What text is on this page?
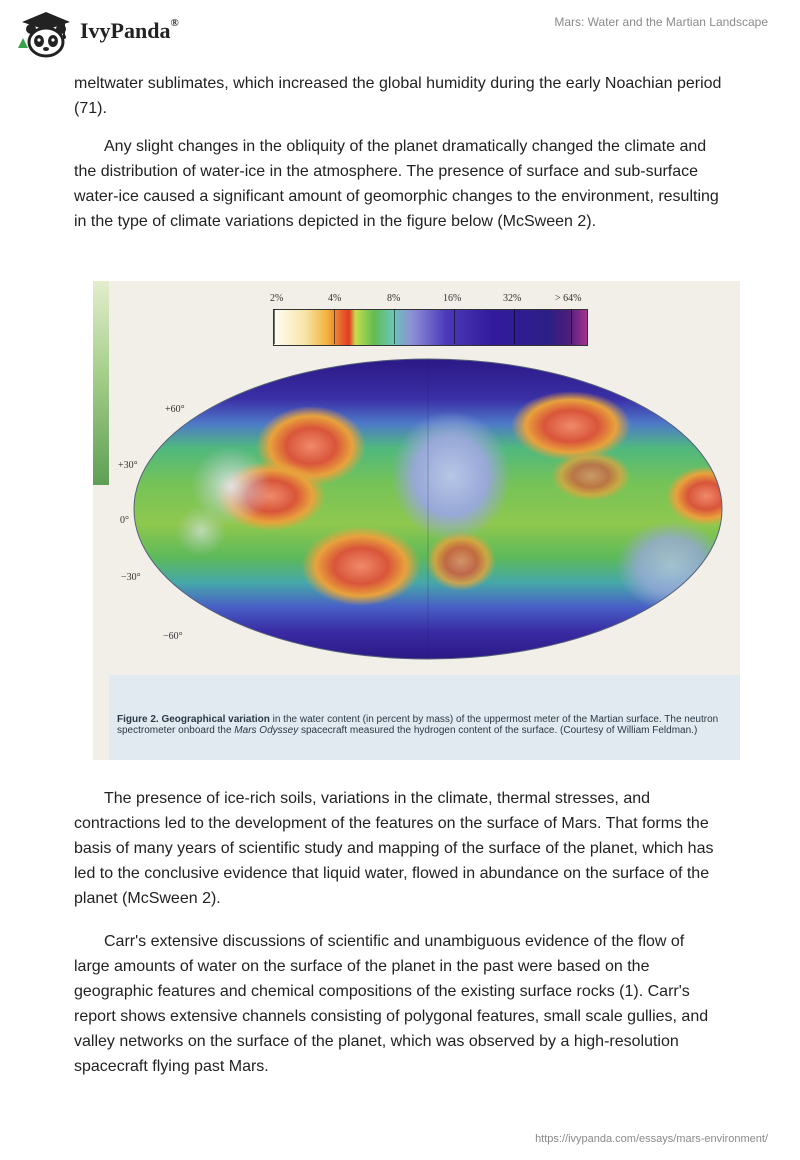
IvyPanda®	Mars: Water and the Martian Landscape

meltwater sublimates, which increased the global humidity during the early Noachian period (71).

Any slight changes in the obliquity of the planet dramatically changed the climate and the distribution of water-ice in the atmosphere. The presence of surface and sub-surface water-ice caused a significant amount of geomorphic changes to the environment, resulting in the type of climate variations depicted in the figure below (McSween 2).

2%	4%	8%	16%	32%	> 64%
+60°
+30°
0°
−30°
−60°
Figure 2. Geographical variation in the water content (in percent by mass) of the uppermost meter of the Martian surface. The neutron spectrometer onboard the Mars Odyssey spacecraft measured the hydrogen content of the surface. (Courtesy of William Feldman.)

The presence of ice-rich soils, variations in the climate, thermal stresses, and contractions led to the development of the features on the surface of Mars. That forms the basis of many years of scientific study and mapping of the surface of the planet, which has led to the conclusive evidence that liquid water, flowed in abundance on the surface of the planet (McSween 2).

Carr's extensive discussions of scientific and unambiguous evidence of the flow of large amounts of water on the surface of the planet in the past were based on the geographic features and chemical compositions of the existing surface rocks (1). Carr's report shows extensive channels consisting of polygonal features, small scale gullies, and valley networks on the surface of the planet, which was observed by a high-resolution spacecraft flying past Mars.

https://ivypanda.com/essays/mars-environment/
